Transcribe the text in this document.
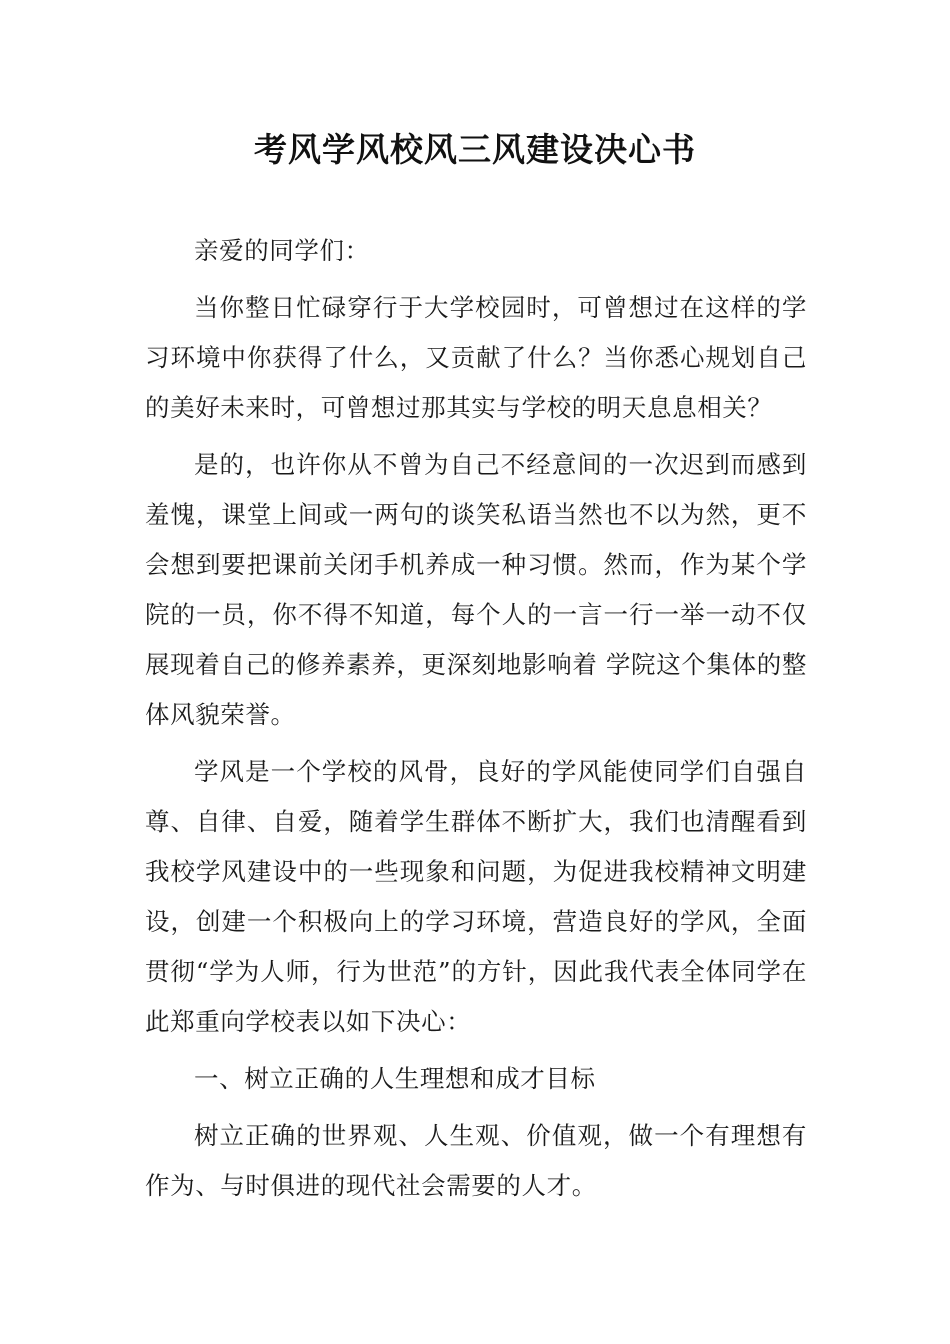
考风学风校风三风建设决心书

亲爱的同学们：

当你整日忙碌穿行于大学校园时，可曾想过在这样的学习环境中你获得了什么，又贡献了什么？当你悉心规划自己的美好未来时，可曾想过那其实与学校的明天息息相关？

是的，也许你从不曾为自己不经意间的一次迟到而感到羞愧，课堂上间或一两句的谈笑私语当然也不以为然，更不会想到要把课前关闭手机养成一种习惯。然而，作为某个学院的一员，你不得不知道，每个人的一言一行一举一动不仅展现着自己的修养素养，更深刻地影响着 学院这个集体的整体风貌荣誉。

学风是一个学校的风骨，良好的学风能使同学们自强自尊、自律、自爱，随着学生群体不断扩大，我们也清醒看到我校学风建设中的一些现象和问题，为促进我校精神文明建设，创建一个积极向上的学习环境，营造良好的学风，全面贯彻“学为人师，行为世范”的方针，因此我代表全体同学在此郑重向学校表以如下决心：

一、树立正确的人生理想和成才目标

树立正确的世界观、人生观、价值观，做一个有理想有作为、与时俱进的现代社会需要的人才。
